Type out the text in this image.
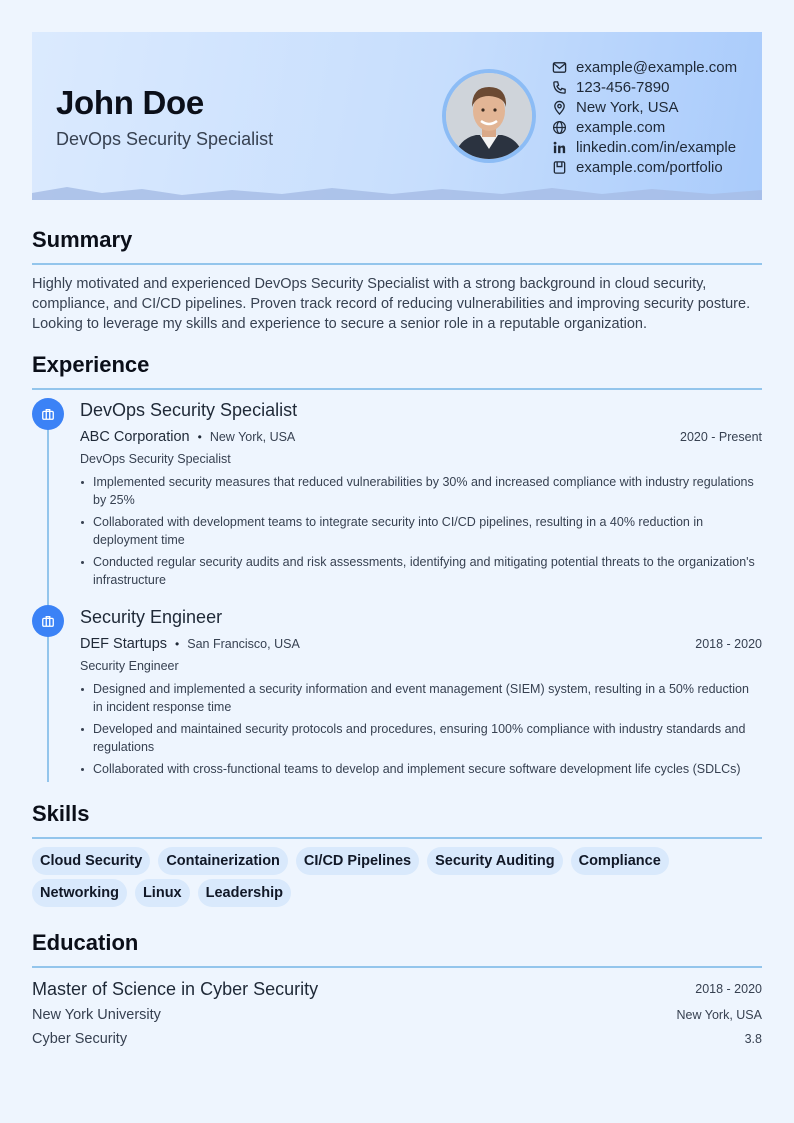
John Doe
DevOps Security Specialist
example@example.com
123-456-7890
New York, USA
example.com
linkedin.com/in/example
example.com/portfolio
Summary
Highly motivated and experienced DevOps Security Specialist with a strong background in cloud security, compliance, and CI/CD pipelines. Proven track record of reducing vulnerabilities and improving security posture. Looking to leverage my skills and experience to secure a senior role in a reputable organization.
Experience
DevOps Security Specialist
ABC Corporation • New York, USA	2020 - Present
DevOps Security Specialist
Implemented security measures that reduced vulnerabilities by 30% and increased compliance with industry regulations by 25%
Collaborated with development teams to integrate security into CI/CD pipelines, resulting in a 40% reduction in deployment time
Conducted regular security audits and risk assessments, identifying and mitigating potential threats to the organization's infrastructure
Security Engineer
DEF Startups • San Francisco, USA	2018 - 2020
Security Engineer
Designed and implemented a security information and event management (SIEM) system, resulting in a 50% reduction in incident response time
Developed and maintained security protocols and procedures, ensuring 100% compliance with industry standards and regulations
Collaborated with cross-functional teams to develop and implement secure software development life cycles (SDLCs)
Skills
Cloud Security	Containerization	CI/CD Pipelines	Security Auditing	Compliance
Networking	Linux	Leadership
Education
Master of Science in Cyber Security	2018 - 2020
New York University	New York, USA
Cyber Security	3.8
